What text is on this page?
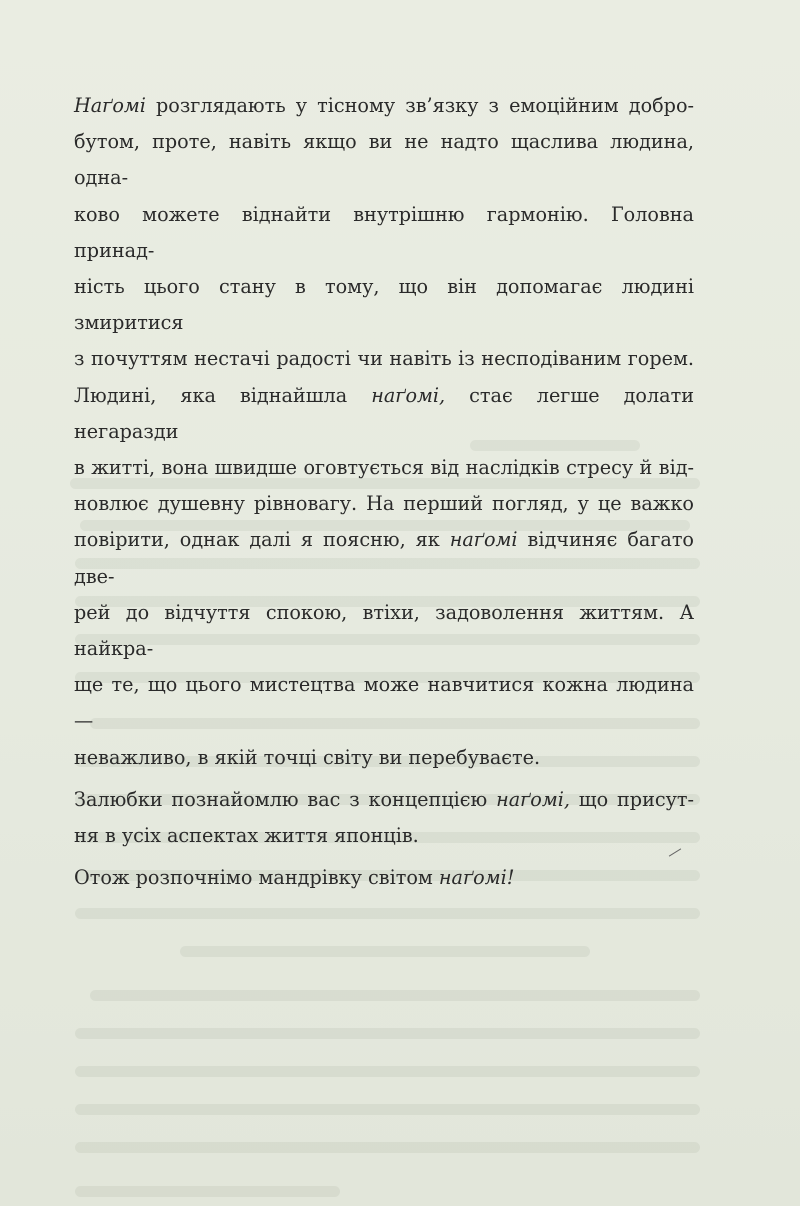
Наґомі розглядають у тісному зв’язку з емоційним добро-
бутом, проте, навіть якщо ви не надто щаслива людина, одна-
ково можете віднайти внутрішню гармонію. Головна принад-
ність цього стану в тому, що він допомагає людині змиритися
з почуттям нестачі радості чи навіть із несподіваним горем.
Людині, яка віднайшла наґомі, стає легше долати негаразди
в житті, вона швидше оговтується від наслідків стресу й від-
новлює душевну рівновагу. На перший погляд, у це важко
повірити, однак далі я поясню, як наґомі відчиняє багато две-
рей до відчуття спокою, втіхи, задоволення життям. А найкра-
ще те, що цього мистецтва може навчитися кожна людина —
неважливо, в якій точці світу ви перебуваєте.
Залюбки познайомлю вас з концепцією наґомі, що присут-
ня в усіх аспектах життя японців.
Отож розпочнімо мандрівку світом наґомі!
